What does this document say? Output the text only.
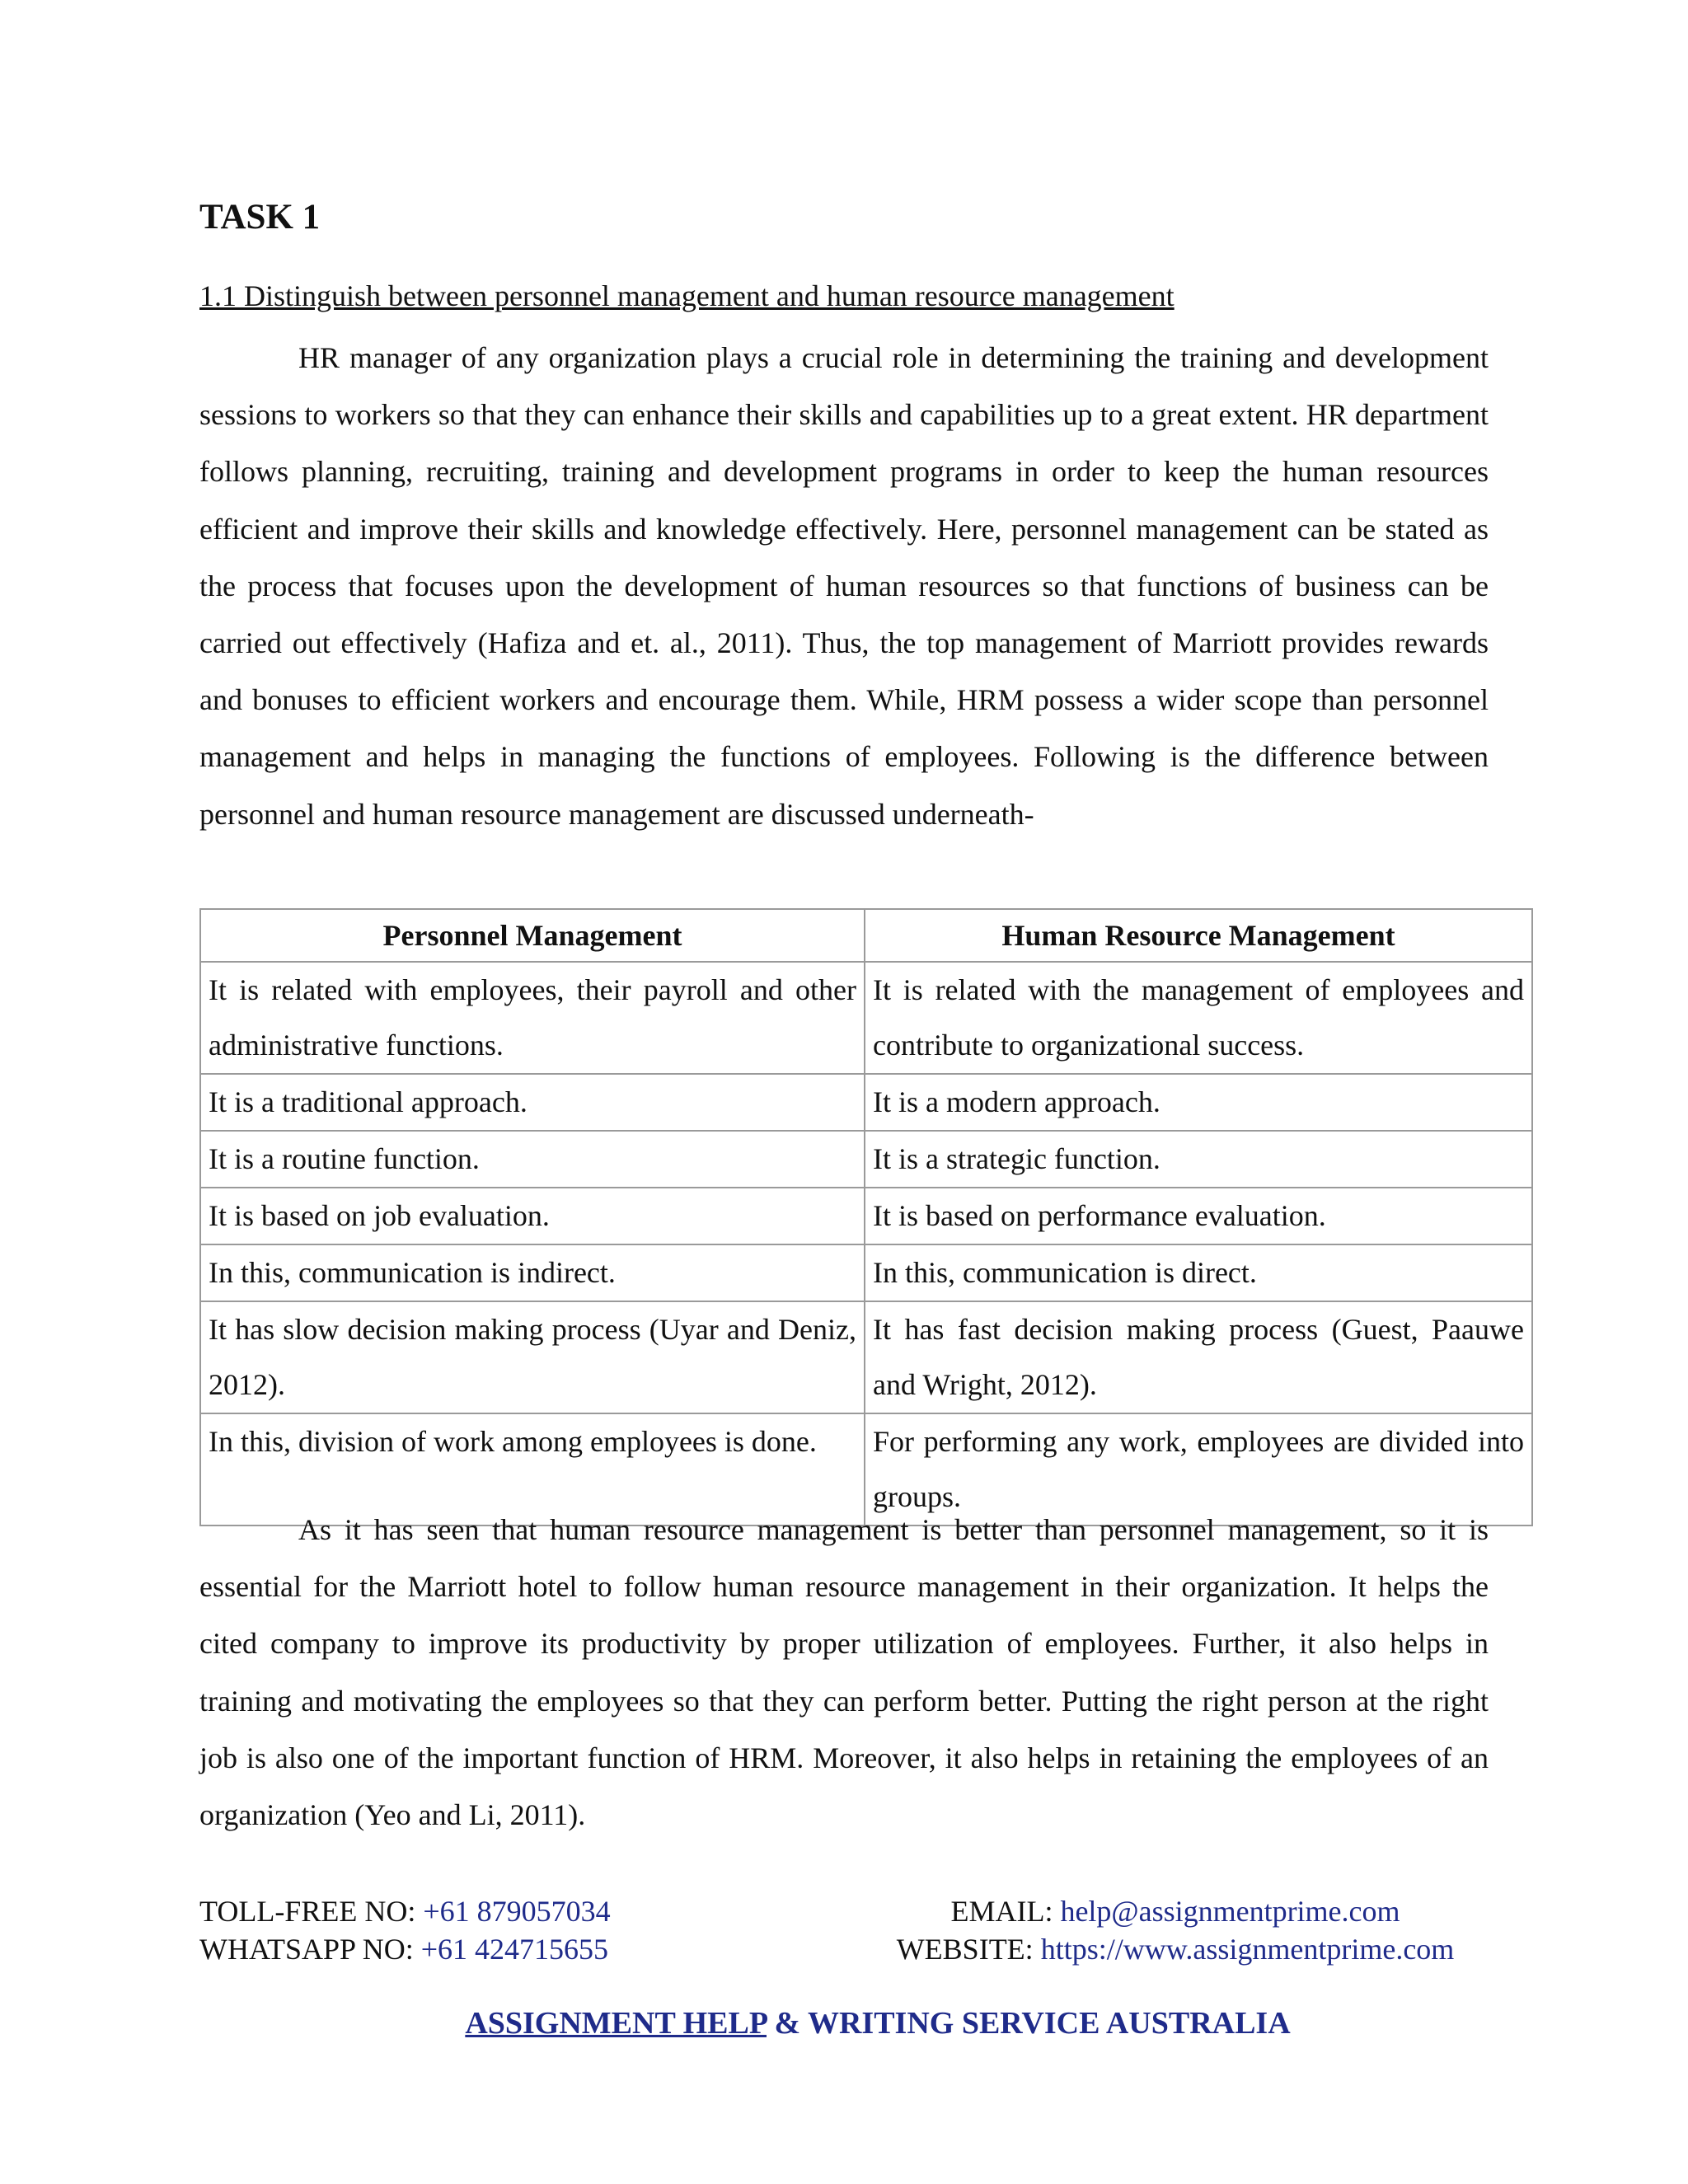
TASK 1
1.1 Distinguish between personnel management and human resource management

HR manager of any organization plays a crucial role in determining the training and development sessions to workers so that they can enhance their skills and capabilities up to a great extent. HR department follows planning, recruiting, training and development programs in order to keep the human resources efficient and improve their skills and knowledge effectively. Here, personnel management can be stated as the process that focuses upon the development of human resources so that functions of business can be carried out effectively (Hafiza and et. al., 2011). Thus, the top management of Marriott provides rewards and bonuses to efficient workers and encourage them. While, HRM possess a wider scope than personnel management and helps in managing the functions of employees. Following is the difference between personnel and human resource management are discussed underneath-

Personnel Management	Human Resource Management
It is related with employees, their payroll and other administrative functions.	It is related with the management of employees and contribute to organizational success.
It is a traditional approach.	It is a modern approach.
It is a routine function.	It is a strategic function.
It is based on job evaluation.	It is based on performance evaluation.
In this, communication is indirect.	In this, communication is direct.
It has slow decision making process (Uyar and Deniz, 2012).	It has fast decision making process (Guest, Paauwe and Wright, 2012).
In this, division of work among employees is done.	For performing any work, employees are divided into groups.

As it has seen that human resource management is better than personnel management, so it is essential for the Marriott hotel to follow human resource management in their organization. It helps the cited company to improve its productivity by proper utilization of employees. Further, it also helps in training and motivating the employees so that they can perform better. Putting the right person at the right job is also one of the important function of HRM. Moreover, it also helps in retaining the employees of an organization (Yeo and Li, 2011).

TOLL-FREE NO: +61 879057034
WHATSAPP NO: +61 424715655
EMAIL: help@assignmentprime.com
WEBSITE: https://www.assignmentprime.com
ASSIGNMENT HELP & WRITING SERVICE AUSTRALIA
